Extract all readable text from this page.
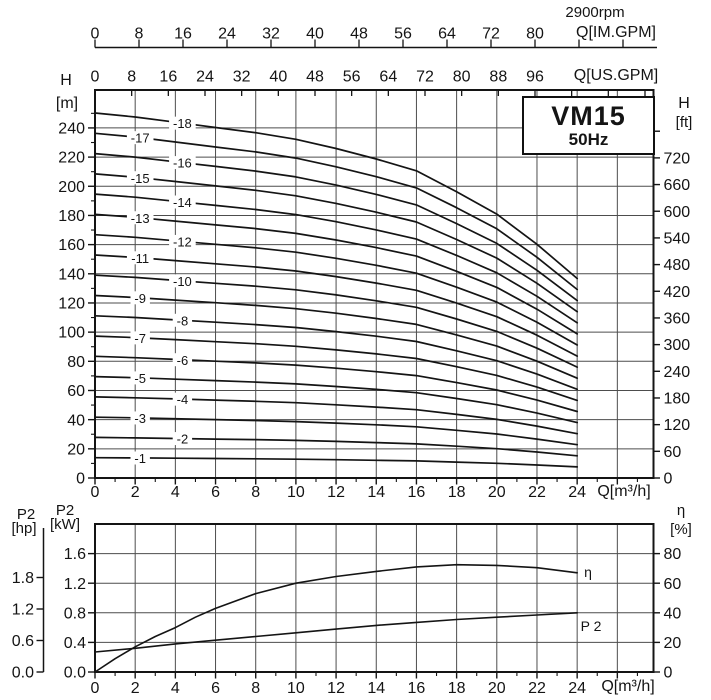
-1
-2
-3
-4
-5
-6
-7
-8
-9
-10
-11
-12
-13
-14
-15
-16
-17
-18
0 2 4 6 8 10 12 14 16 18 20 22 24
0
20
40
60
80
100
120
140
160
180
200
220
240
0
60
120
180
240
300
360
420
480
540
600
660
720
0 8 16 24 32 40 48 56 64 72 80
0 8 16 24 32 40 48 56 64 72 80 88 96
0 2 4 6 8 10 12 14 16 18 20 22 24
0.0
0.4
0.8
1.2
1.6
0.0
0.6
1.2
1.8
0
20
40
60
80
2900rpm
Q[IM.GPM]
Q[US.GPM]
H
[m]	H
[ft]
VM15
50Hz
Q[m³/h]
Q[m³/h]
P2
[hp]
P2
[kW]
η
[%]
η
P 2
